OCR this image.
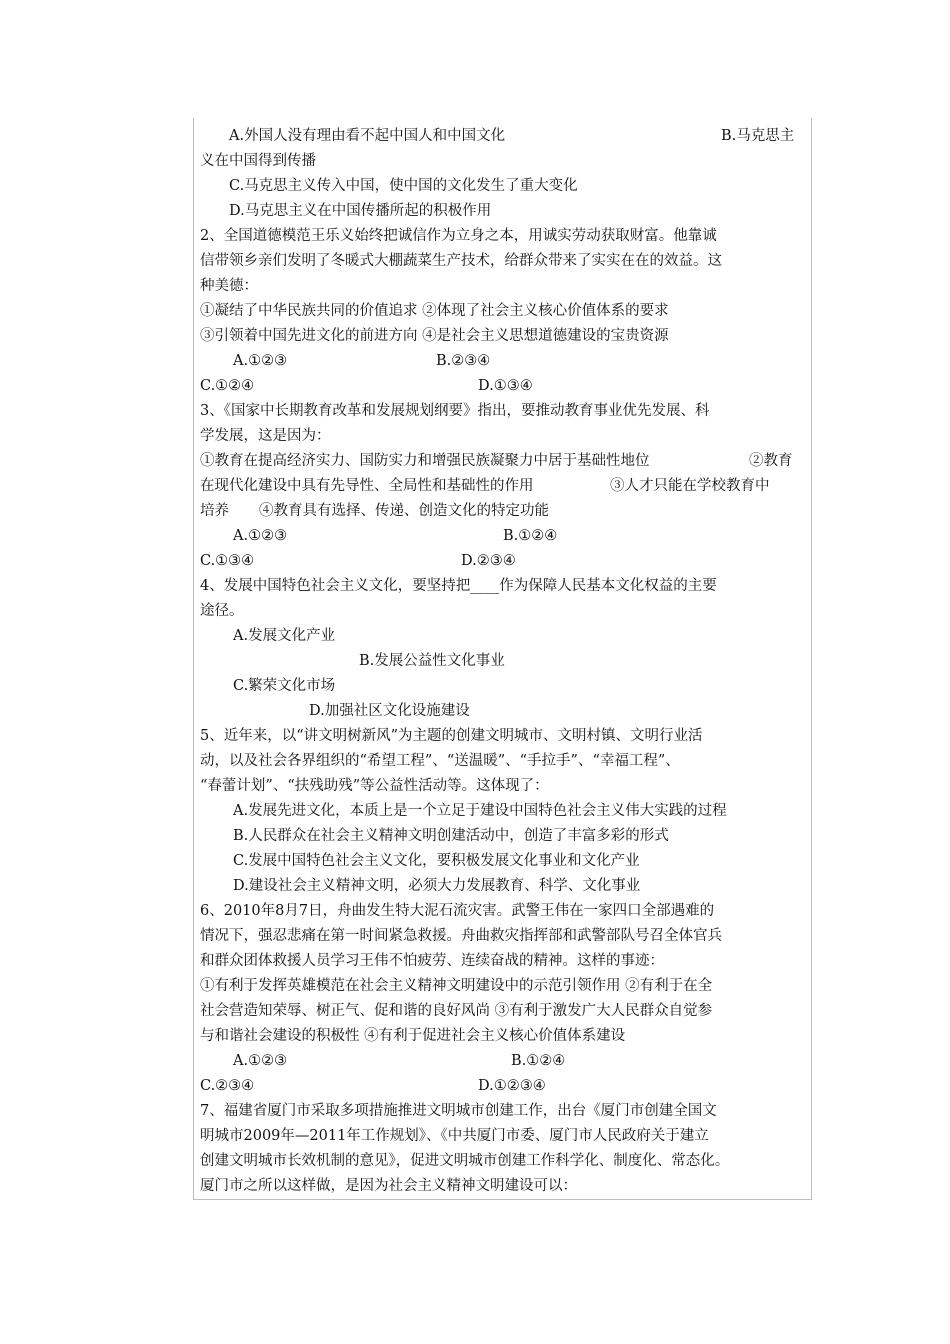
A.外国人没有理由看不起中国人和中国文化	B.马克思主
义在中国得到传播
C.马克思主义传入中国，使中国的文化发生了重大变化
D.马克思主义在中国传播所起的积极作用
2、全国道德模范王乐义始终把诚信作为立身之本，用诚实劳动获取财富。他靠诚
信带领乡亲们发明了冬暖式大棚蔬菜生产技术，给群众带来了实实在在的效益。这
种美德：
①凝结了中华民族共同的价值追求 ②体现了社会主义核心价值体系的要求
③引领着中国先进文化的前进方向 ④是社会主义思想道德建设的宝贵资源
A.①②③	B.②③④
C.①②④	D.①③④
3、《国家中长期教育改革和发展规划纲要》指出，要推动教育事业优先发展、科
学发展，这是因为：
①教育在提高经济实力、国防实力和增强民族凝聚力中居于基础性地位	②教育
在现代化建设中具有先导性、全局性和基础性的作用	③人才只能在学校教育中
培养 ④教育具有选择、传递、创造文化的特定功能
A.①②③	B.①②④
C.①③④	D.②③④
4、发展中国特色社会主义文化，要坚持把____作为保障人民基本文化权益的主要
途径。
A.发展文化产业
B.发展公益性文化事业
C.繁荣文化市场
D.加强社区文化设施建设
5、近年来，以“讲文明树新风”为主题的创建文明城市、文明村镇、文明行业活
动，以及社会各界组织的“希望工程”、“送温暖”、“手拉手”、“幸福工程”、
“春蕾计划”、“扶残助残”等公益性活动等。这体现了：
A.发展先进文化，本质上是一个立足于建设中国特色社会主义伟大实践的过程
B.人民群众在社会主义精神文明创建活动中，创造了丰富多彩的形式
C.发展中国特色社会主义文化，要积极发展文化事业和文化产业
D.建设社会主义精神文明，必须大力发展教育、科学、文化事业
6、2010年8月7日，舟曲发生特大泥石流灾害。武警王伟在一家四口全部遇难的
情况下，强忍悲痛在第一时间紧急救援。舟曲救灾指挥部和武警部队号召全体官兵
和群众团体救援人员学习王伟不怕疲劳、连续奋战的精神。这样的事迹：
①有利于发挥英雄模范在社会主义精神文明建设中的示范引领作用 ②有利于在全
社会营造知荣辱、树正气、促和谐的良好风尚 ③有利于激发广大人民群众自觉参
与和谐社会建设的积极性 ④有利于促进社会主义核心价值体系建设
A.①②③	B.①②④
C.②③④	D.①②③④
7、福建省厦门市采取多项措施推进文明城市创建工作，出台《厦门市创建全国文
明城市2009年—2011年工作规划》、《中共厦门市委、厦门市人民政府关于建立
创建文明城市长效机制的意见》，促进文明城市创建工作科学化、制度化、常态化。
厦门市之所以这样做，是因为社会主义精神文明建设可以：
